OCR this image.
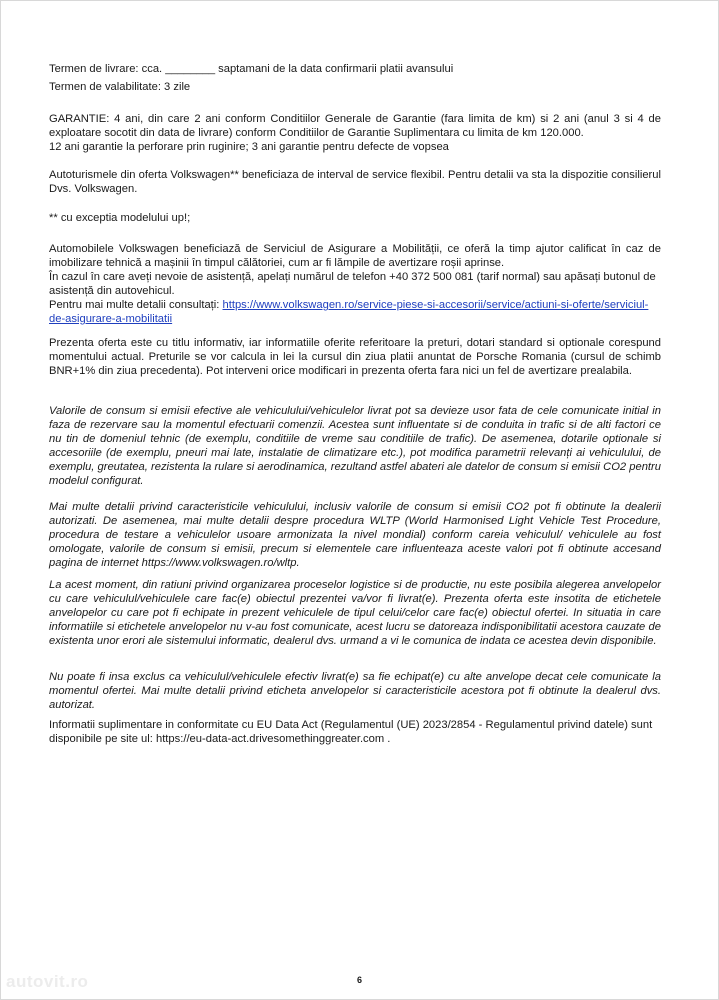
Termen de livrare: cca. ________ saptamani de la data confirmarii platii avansului

Termen de valabilitate: 3 zile

GARANTIE: 4 ani, din care 2 ani conform Conditiilor Generale de Garantie (fara limita de km) si 2 ani (anul 3 si 4 de exploatare socotit din data de livrare) conform Conditiilor de Garantie Suplimentara cu limita de km 120.000.

12 ani garantie la perforare prin ruginire; 3 ani garantie pentru defecte de vopsea

Autoturismele din oferta Volkswagen** beneficiaza de interval de service flexibil. Pentru detalii va sta la dispozitie consilierul Dvs. Volkswagen.

** cu exceptia modelului up!;

Automobilele Volkswagen beneficiază de Serviciul de Asigurare a Mobilității, ce oferă la timp ajutor calificat în caz de imobilizare tehnică a mașinii în timpul călătoriei, cum ar fi lămpile de avertizare roșii aprinse.

În cazul în care aveți nevoie de asistență, apelați numărul de telefon +40 372 500 081 (tarif normal) sau apăsați butonul de asistență din autovehicul.

Pentru mai multe detalii consultați: https://www.volkswagen.ro/service-piese-si-accesorii/service/actiuni-si-oferte/serviciul-de-asigurare-a-mobilitatii

Prezenta oferta este cu titlu informativ, iar informatiile oferite referitoare la preturi, dotari standard si optionale corespund momentului actual. Preturile se vor calcula in lei la cursul din ziua platii anuntat de Porsche Romania (cursul de schimb BNR+1% din ziua precedenta). Pot interveni orice modificari in prezenta oferta fara nici un fel de avertizare prealabila.

Valorile de consum si emisii efective ale vehiculului/vehiculelor livrat pot sa devieze usor fata de cele comunicate initial in faza de rezervare sau la momentul efectuarii comenzii. Acestea sunt influentate si de conduita in trafic si de alti factori ce nu tin de domeniul tehnic (de exemplu, conditiile de vreme sau conditiile de trafic). De asemenea, dotarile optionale si accesoriile (de exemplu, pneuri mai late, instalatie de climatizare etc.), pot modifica parametrii relevanți ai vehiculului, de exemplu, greutatea, rezistenta la rulare si aerodinamica, rezultand astfel abateri ale datelor de consum si emisii CO2 pentru modelul configurat.

Mai multe detalii privind caracteristicile vehiculului, inclusiv valorile de consum si emisii CO2 pot fi obtinute la dealerii autorizati. De asemenea, mai multe detalii despre procedura WLTP (World Harmonised Light Vehicle Test Procedure, procedura de testare a vehiculelor usoare armonizata la nivel mondial) conform careia vehiculul/ vehiculele au fost omologate, valorile de consum si emisii, precum si elementele care influenteaza aceste valori pot fi obtinute accesand pagina de internet https://www.volkswagen.ro/wltp.

La acest moment, din ratiuni privind organizarea proceselor logistice si de productie, nu este posibila alegerea anvelopelor cu care vehiculul/vehiculele care fac(e) obiectul prezentei va/vor fi livrat(e). Prezenta oferta este insotita de etichetele anvelopelor cu care pot fi echipate in prezent vehiculele de tipul celui/celor care fac(e) obiectul ofertei. In situatia in care informatiile si etichetele anvelopelor nu v-au fost comunicate, acest lucru se datoreaza indisponibilitatii acestora cauzate de existenta unor erori ale sistemului informatic, dealerul dvs. urmand a vi le comunica de indata ce acestea devin disponibile.

Nu poate fi insa exclus ca vehiculul/vehiculele efectiv livrat(e) sa fie echipat(e) cu alte anvelope decat cele comunicate la momentul ofertei. Mai multe detalii privind eticheta anvelopelor si caracteristicile acestora pot fi obtinute la dealerul dvs. autorizat.

Informatii suplimentare in conformitate cu EU Data Act (Regulamentul (UE) 2023/2854 - Regulamentul privind datele) sunt disponibile pe site ul: https://eu-data-act.drivesomethinggreater.com .

autovit.ro	6
